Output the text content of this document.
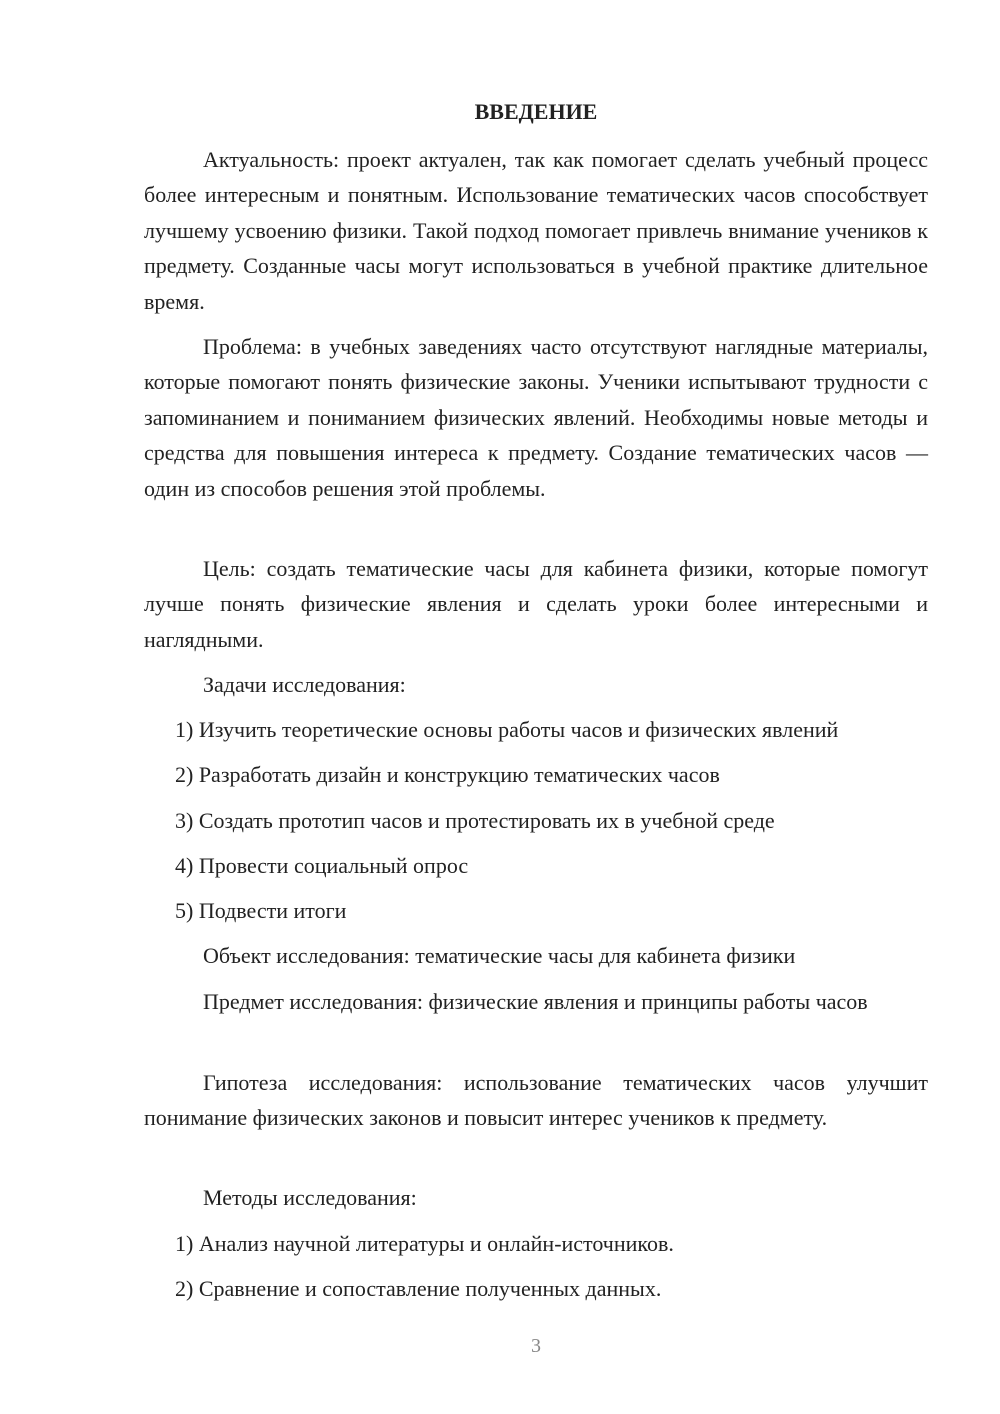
ВВЕДЕНИЕ

Актуальность: проект актуален, так как помогает сделать учебный процесс более интересным и понятным. Использование тематических часов способствует лучшему усвоению физики. Такой подход помогает привлечь внимание учеников к предмету. Созданные часы могут использоваться в учебной практике длительное время.

Проблема: в учебных заведениях часто отсутствуют наглядные материалы, которые помогают понять физические законы. Ученики испытывают трудности с запоминанием и пониманием физических явлений. Необходимы новые методы и средства для повышения интереса к предмету. Создание тематических часов — один из способов решения этой проблемы.

Цель: создать тематические часы для кабинета физики, которые помогут лучше понять физические явления и сделать уроки более интересными и наглядными.

Задачи исследования:

1) Изучить теоретические основы работы часов и физических явлений

2) Разработать дизайн и конструкцию тематических часов

3) Создать прототип часов и протестировать их в учебной среде

4) Провести социальный опрос

5) Подвести итоги

Объект исследования: тематические часы для кабинета физики

Предмет исследования: физические явления и принципы работы часов

Гипотеза исследования: использование тематических часов улучшит понимание физических законов и повысит интерес учеников к предмету.

Методы исследования:

1) Анализ научной литературы и онлайн-источников.

2) Сравнение и сопоставление полученных данных.

3
